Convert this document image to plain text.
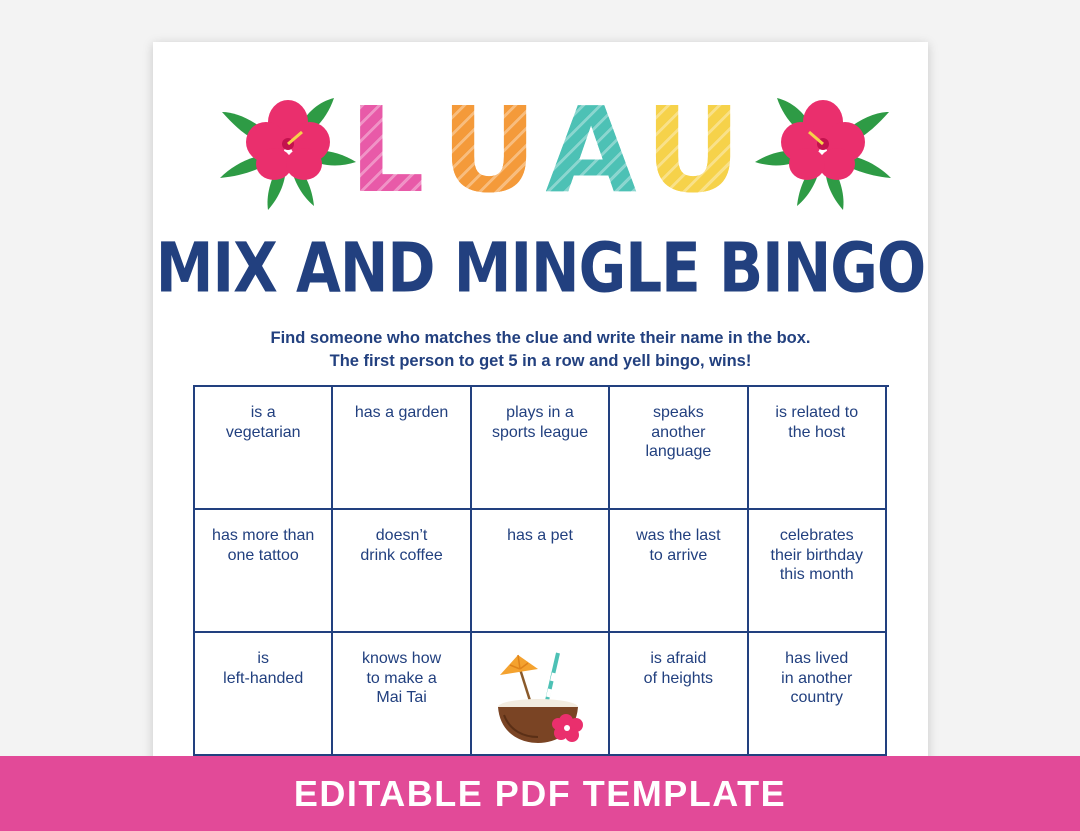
L U A U
MIX AND MINGLE BINGO
Find someone who matches the clue and write their name in the box.
The first person to get 5 in a row and yell bingo, wins!
is a
vegetarian
has a garden	plays in a
sports league
speaks
another
language
is related to
the host
has more than
one tattoo
doesn’t
drink coffee
has a pet	was the last
to arrive
celebrates
their birthday
this month
is
left-handed
knows how
to make a
Mai Tai

is afraid
of heights
has lived
in another
country
EDITABLE PDF TEMPLATE
